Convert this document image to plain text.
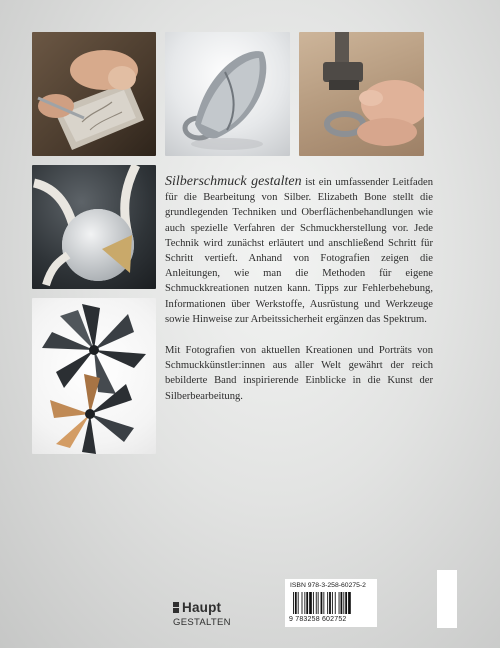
Silberschmuck gestalten ist ein umfassender Leitfaden für die Bearbeitung von Silber. Elizabeth Bone stellt die grundlegenden Techniken und Oberflächenbehandlungen wie auch spezielle Verfahren der Schmuckherstellung vor. Jede Technik wird zunächst erläutert und anschließend Schritt für Schritt vertieft. Anhand von Fotografien zeigen die Anleitungen, wie man die Methoden für eigene Schmuckkreationen nutzen kann. Tipps zur Fehlerbehebung, Informationen über Werkstoffe, Ausrüstung und Werkzeuge sowie Hinweise zur Arbeitssicherheit ergänzen das Spektrum.

Mit Fotografien von aktuellen Kreationen und Porträts von Schmuckkünstler:innen aus aller Welt gewährt der reich bebilderte Band inspirierende Einblicke in die Kunst der Silberbearbeitung.

Haupt
GESTALTEN
ISBN 978-3-258-60275-2
9 783258 602752
